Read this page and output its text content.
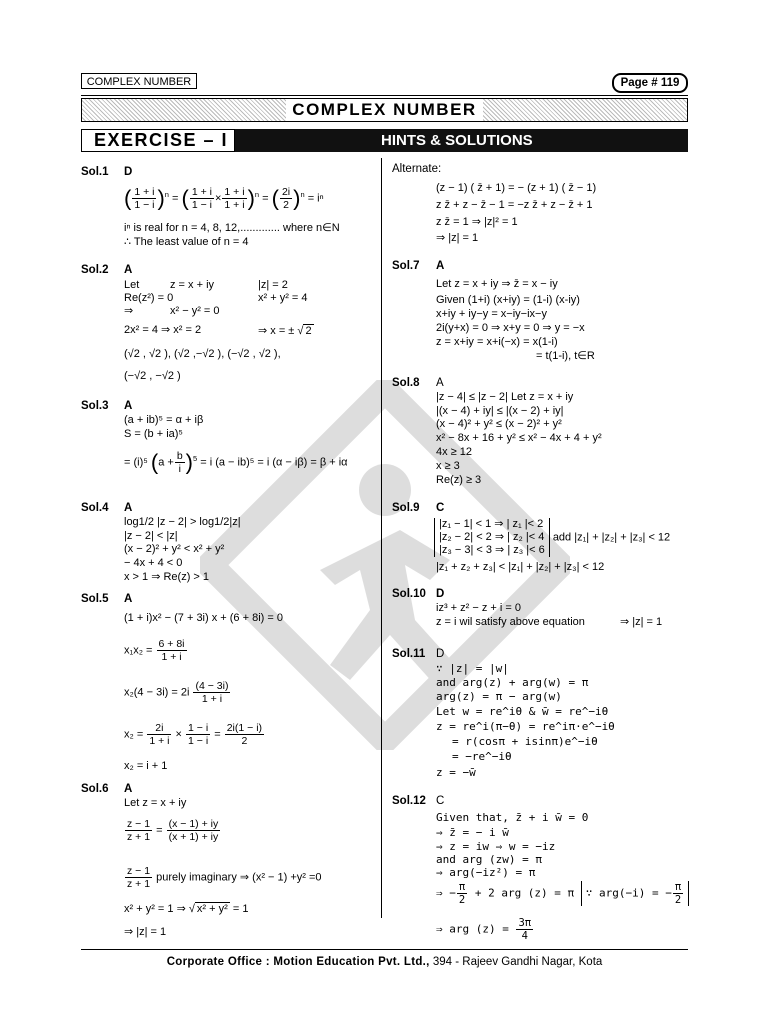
COMPLEX NUMBER	Page # 119
COMPLEX NUMBER
EXERCISE – I	HINTS & SOLUTIONS
Sol.1 D
( $\frac{1 + i}{1 - i} )^n$ = ( $\frac{1 + i}{1 - i} \times \frac{1 + i}{1 + i} )^n$ = ( $\frac{2i}{2} )^n = i^n$
iⁿ is real for n = 4, 8, 12,............. where n∈N
∴ The least value of n = 4
Sol.2 A
Let	z = x + iy	|z| = 2
Re(z²) = 0	x² + y² = 4
⇒	x² − y² = 0
2x² = 4 ⇒ x² = 2	⇒ x = ± √ 2
(√2 , √2 ), (√2 ,−√2 ), (−√2 , √2 ),
(−√2 , −√2 )
Sol.3 A
(a + ib)⁵ = α + iβ
S = (b + ia)⁵
= (i)⁵ $(a + \frac{b}{i} )^5 = i$ (a − ib)⁵ = i (α − iβ) = β + iα
Sol.4 A
log1/2 |z − 2| > log1/2|z|
|z − 2| < |z|
(x − 2)² + y² < x² + y²
− 4x + 4 < 0
x > 1 ⇒ Re(z) > 1
Sol.5 A
(1 + i)x² − (7 + 3i) x + (6 + 8i) = 0
$x_1x_2 = \frac{6 + 8i}{1 + i}$
$x_2(4 - 3i) = 2i \frac{(4 - 3i)}{1 + i}$
$x_2 = \frac{2i}{1 + i} \times \frac{1 - i}{1 - i} = \frac{2i(1 - i)}{2}$
x₂ = i + 1
Sol.6 A
Let z = x + iy
$\frac{z - 1}{z + 1} = \frac{(x - 1) + iy}{(x + 1) + iy}$
$\frac{z - 1}{z + 1}$ purely imaginary ⇒ (x² − 1) +y² =0
x² + y² = 1 ⇒ √ x² + y² = 1
⇒ |z| = 1
Alternate:
(z − 1) ( z̄ + 1) = − (z + 1) ( z̄ − 1)
z z̄ + z − z̄ − 1 = −z z̄ + z − z̄ + 1
z z̄ = 1 ⇒ |z|² = 1
⇒ |z| = 1
Sol.7 A
Let z = x + iy ⇒ z̄ = x − iy
Given (1+i) (x+iy) = (1-i) (x-iy)
x+iy + iy−y = x−iy−ix−y
2i(y+x) = 0 ⇒ x+y = 0 ⇒ y = −x
z = x+iy = x+i(−x) = x(1-i)
= t(1-i), t∈R
Sol.8 A
|z − 4| ≤ |z − 2| Let z = x + iy
|(x − 4) + iy| ≤ |(x − 2) + iy|
(x − 4)² + y² ≤ (x − 2)² + y²
x² − 8x + 16 + y² ≤ x² − 4x + 4 + y²
4x ≥ 12
x ≥ 3
Re(z) ≥ 3
Sol.9 C
|z₁ − 1| < 1 ⇒ | z₁ |< 2
|z₂ − 2| < 2 ⇒ | z₂ |< 4
|z₃ − 3| < 3 ⇒ | z₃ |< 6 add |z₁| + |z₂| + |z₃| < 12
|z₁ + z₂ + z₃| < |z₁| + |z₂| + |z₃| < 12
Sol.10 D
iz³ + z² − z + i = 0
z = i wil satisfy above equation	⇒ |z| = 1
Sol.11 D
∵ |z| = |w|
and arg(z) + arg(w) = π
arg(z) = π − arg(w)
Let w = re^iθ & w̄ = re^−iθ
z = re^i(π−θ) = re^iπ·e^−iθ
= r(cosπ + isinπ)e^−iθ
= −re^−iθ
z = −w̄
Sol.12 C
Given that, z̄ + i w̄ = 0
⇒ z̄ = − i w̄
⇒ z = iw ⇒ w = −iz
and arg (zw) = π
⇒ arg(−iz²) = π
⇒ − $\frac{\pi}{2} + 2$ arg (z) = π ∵ arg(−i) = − $\frac{\pi}{2}$
⇒ arg $(z) = \frac{3\pi}{4}$
Corporate Office : Motion Education Pvt. Ltd., 394 - Rajeev Gandhi Nagar, Kota
